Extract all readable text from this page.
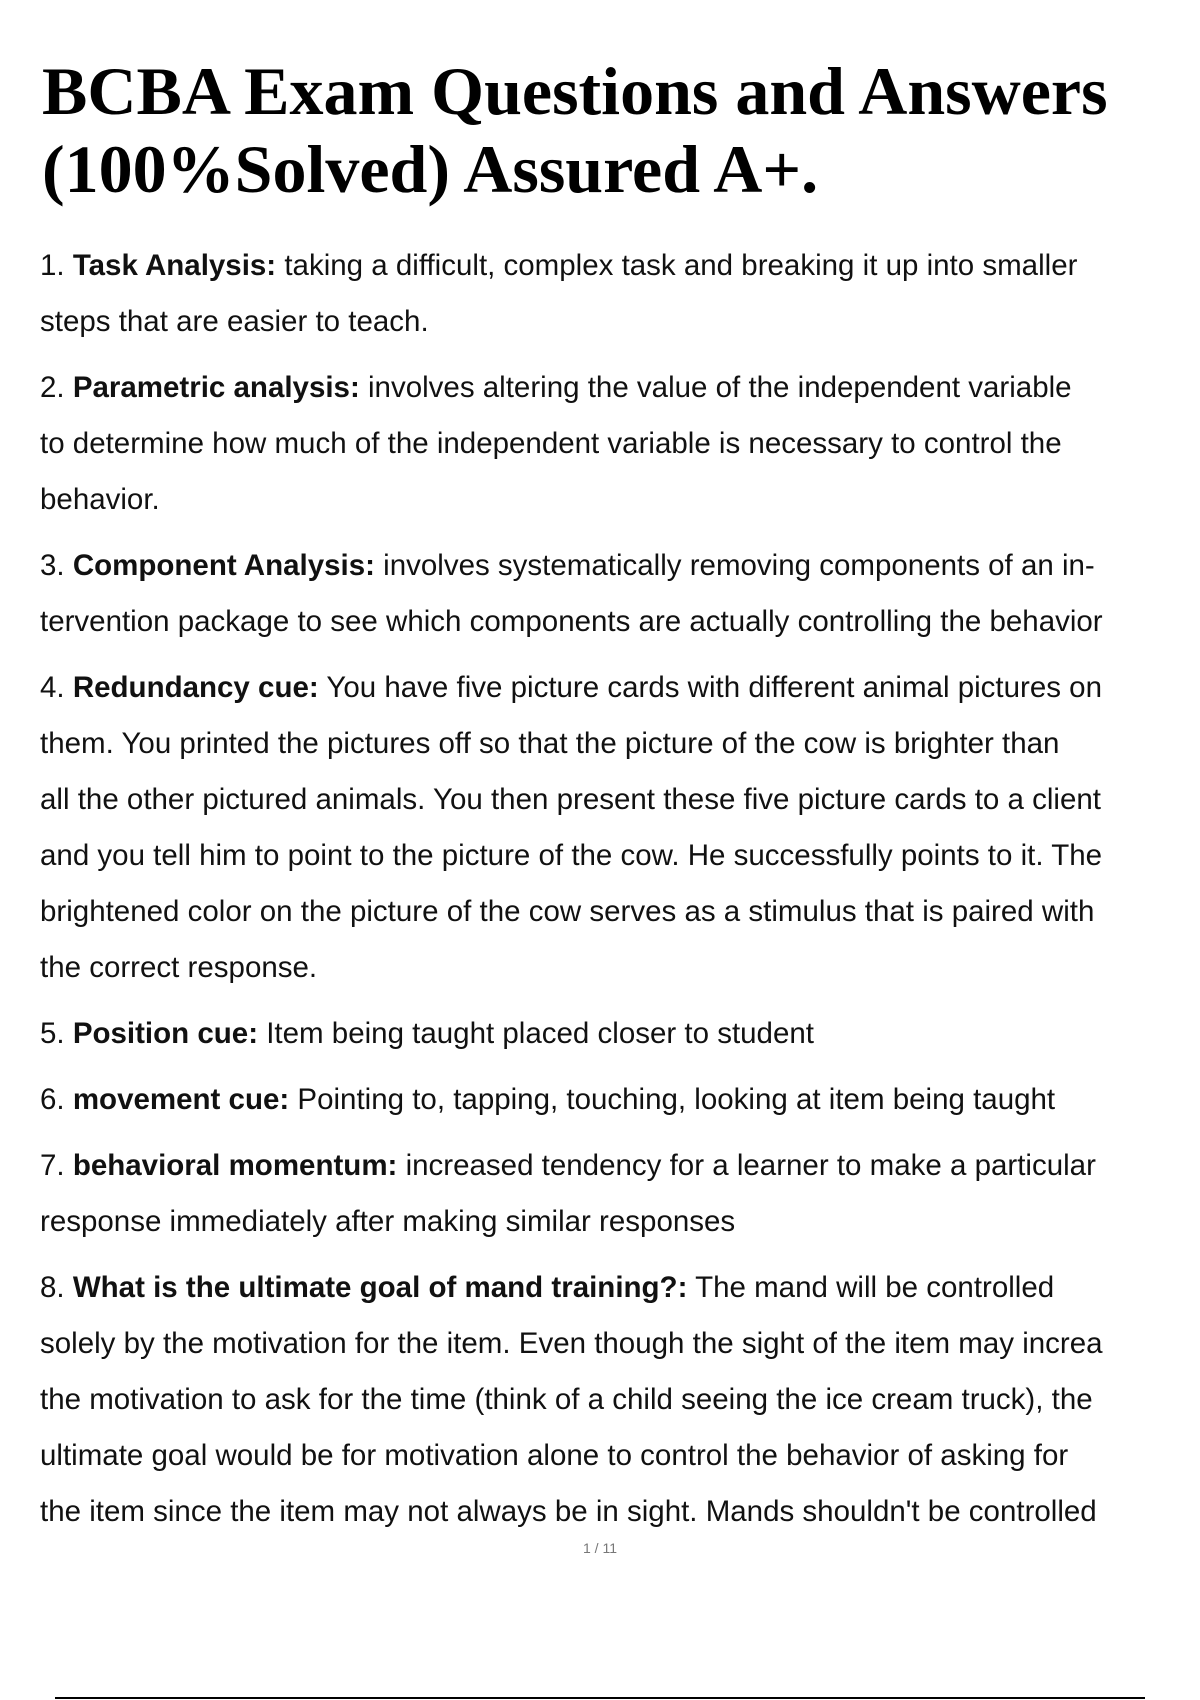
BCBA Exam Questions and Answers
(100%Solved) Assured A+.
1. Task Analysis: taking a difficult, complex task and breaking it up into smaller
steps that are easier to teach.
2. Parametric analysis: involves altering the value of the independent variable
to determine how much of the independent variable is necessary to control the
behavior.
3. Component Analysis: involves systematically removing components of an in-
tervention package to see which components are actually controlling the behavior
4. Redundancy cue: You have five picture cards with different animal pictures on
them. You printed the pictures off so that the picture of the cow is brighter than
all the other pictured animals. You then present these five picture cards to a client
and you tell him to point to the picture of the cow. He successfully points to it. The
brightened color on the picture of the cow serves as a stimulus that is paired with
the correct response.
5. Position cue: Item being taught placed closer to student
6. movement cue: Pointing to, tapping, touching, looking at item being taught
7. behavioral momentum: increased tendency for a learner to make a particular
response immediately after making similar responses
8. What is the ultimate goal of mand training?: The mand will be controlled
solely by the motivation for the item. Even though the sight of the item may increa
the motivation to ask for the time (think of a child seeing the ice cream truck), the
ultimate goal would be for motivation alone to control the behavior of asking for
the item since the item may not always be in sight. Mands shouldn't be controlled
1 / 11
